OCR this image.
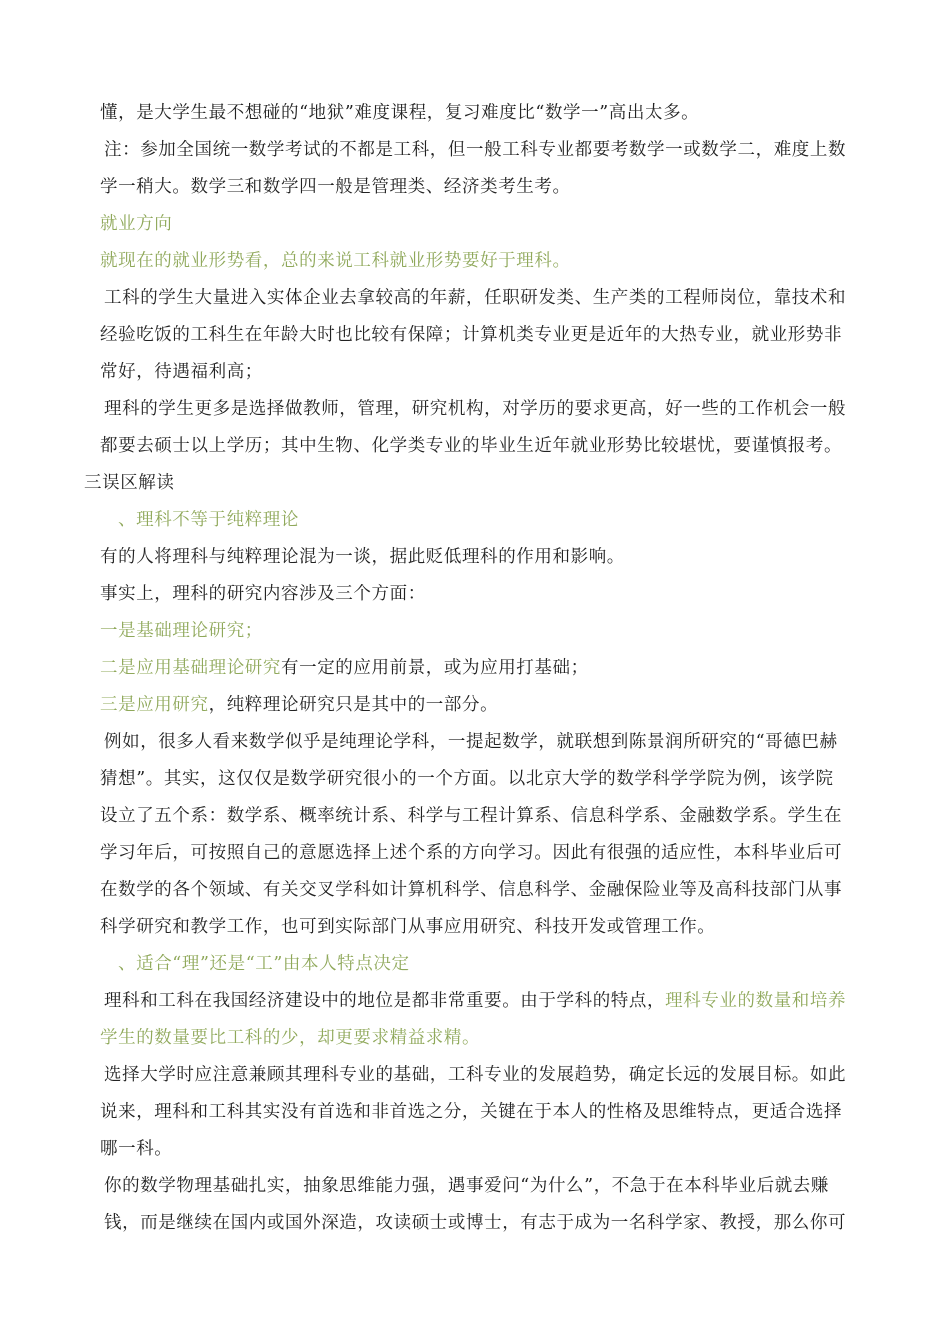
懂，是大学生最不想碰的“地狱”难度课程，复习难度比“数学一”高出太多。

注：参加全国统一数学考试的不都是工科，但一般工科专业都要考数学一或数学二，难度上数

学一稍大。数学三和数学四一般是管理类、经济类考生考。

就业方向

就现在的就业形势看，总的来说工科就业形势要好于理科。

工科的学生大量进入实体企业去拿较高的年薪，任职研发类、生产类的工程师岗位，靠技术和

经验吃饭的工科生在年龄大时也比较有保障；计算机类专业更是近年的大热专业，就业形势非

常好，待遇福利高；

理科的学生更多是选择做教师，管理，研究机构，对学历的要求更高，好一些的工作机会一般

都要去硕士以上学历；其中生物、化学类专业的毕业生近年就业形势比较堪忧，要谨慎报考。

三误区解读

、理科不等于纯粹理论

有的人将理科与纯粹理论混为一谈，据此贬低理科的作用和影响。

事实上，理科的研究内容涉及三个方面：

一是基础理论研究；

二是应用基础理论研究有一定的应用前景，或为应用打基础；

三是应用研究，纯粹理论研究只是其中的一部分。

例如，很多人看来数学似乎是纯理论学科，一提起数学，就联想到陈景润所研究的“哥德巴赫

猜想”。其实，这仅仅是数学研究很小的一个方面。以北京大学的数学科学学院为例，该学院

设立了五个系：数学系、概率统计系、科学与工程计算系、信息科学系、金融数学系。学生在

学习年后，可按照自己的意愿选择上述个系的方向学习。因此有很强的适应性，本科毕业后可

在数学的各个领域、有关交叉学科如计算机科学、信息科学、金融保险业等及高科技部门从事

科学研究和教学工作，也可到实际部门从事应用研究、科技开发或管理工作。

、适合“理”还是“工”由本人特点决定

理科和工科在我国经济建设中的地位是都非常重要。由于学科的特点，理科专业的数量和培养

学生的数量要比工科的少，却更要求精益求精。

选择大学时应注意兼顾其理科专业的基础，工科专业的发展趋势，确定长远的发展目标。如此

说来，理科和工科其实没有首选和非首选之分，关键在于本人的性格及思维特点，更适合选择

哪一科。

你的数学物理基础扎实，抽象思维能力强，遇事爱问“为什么”，不急于在本科毕业后就去赚

钱，而是继续在国内或国外深造，攻读硕士或博士，有志于成为一名科学家、教授，那么你可
